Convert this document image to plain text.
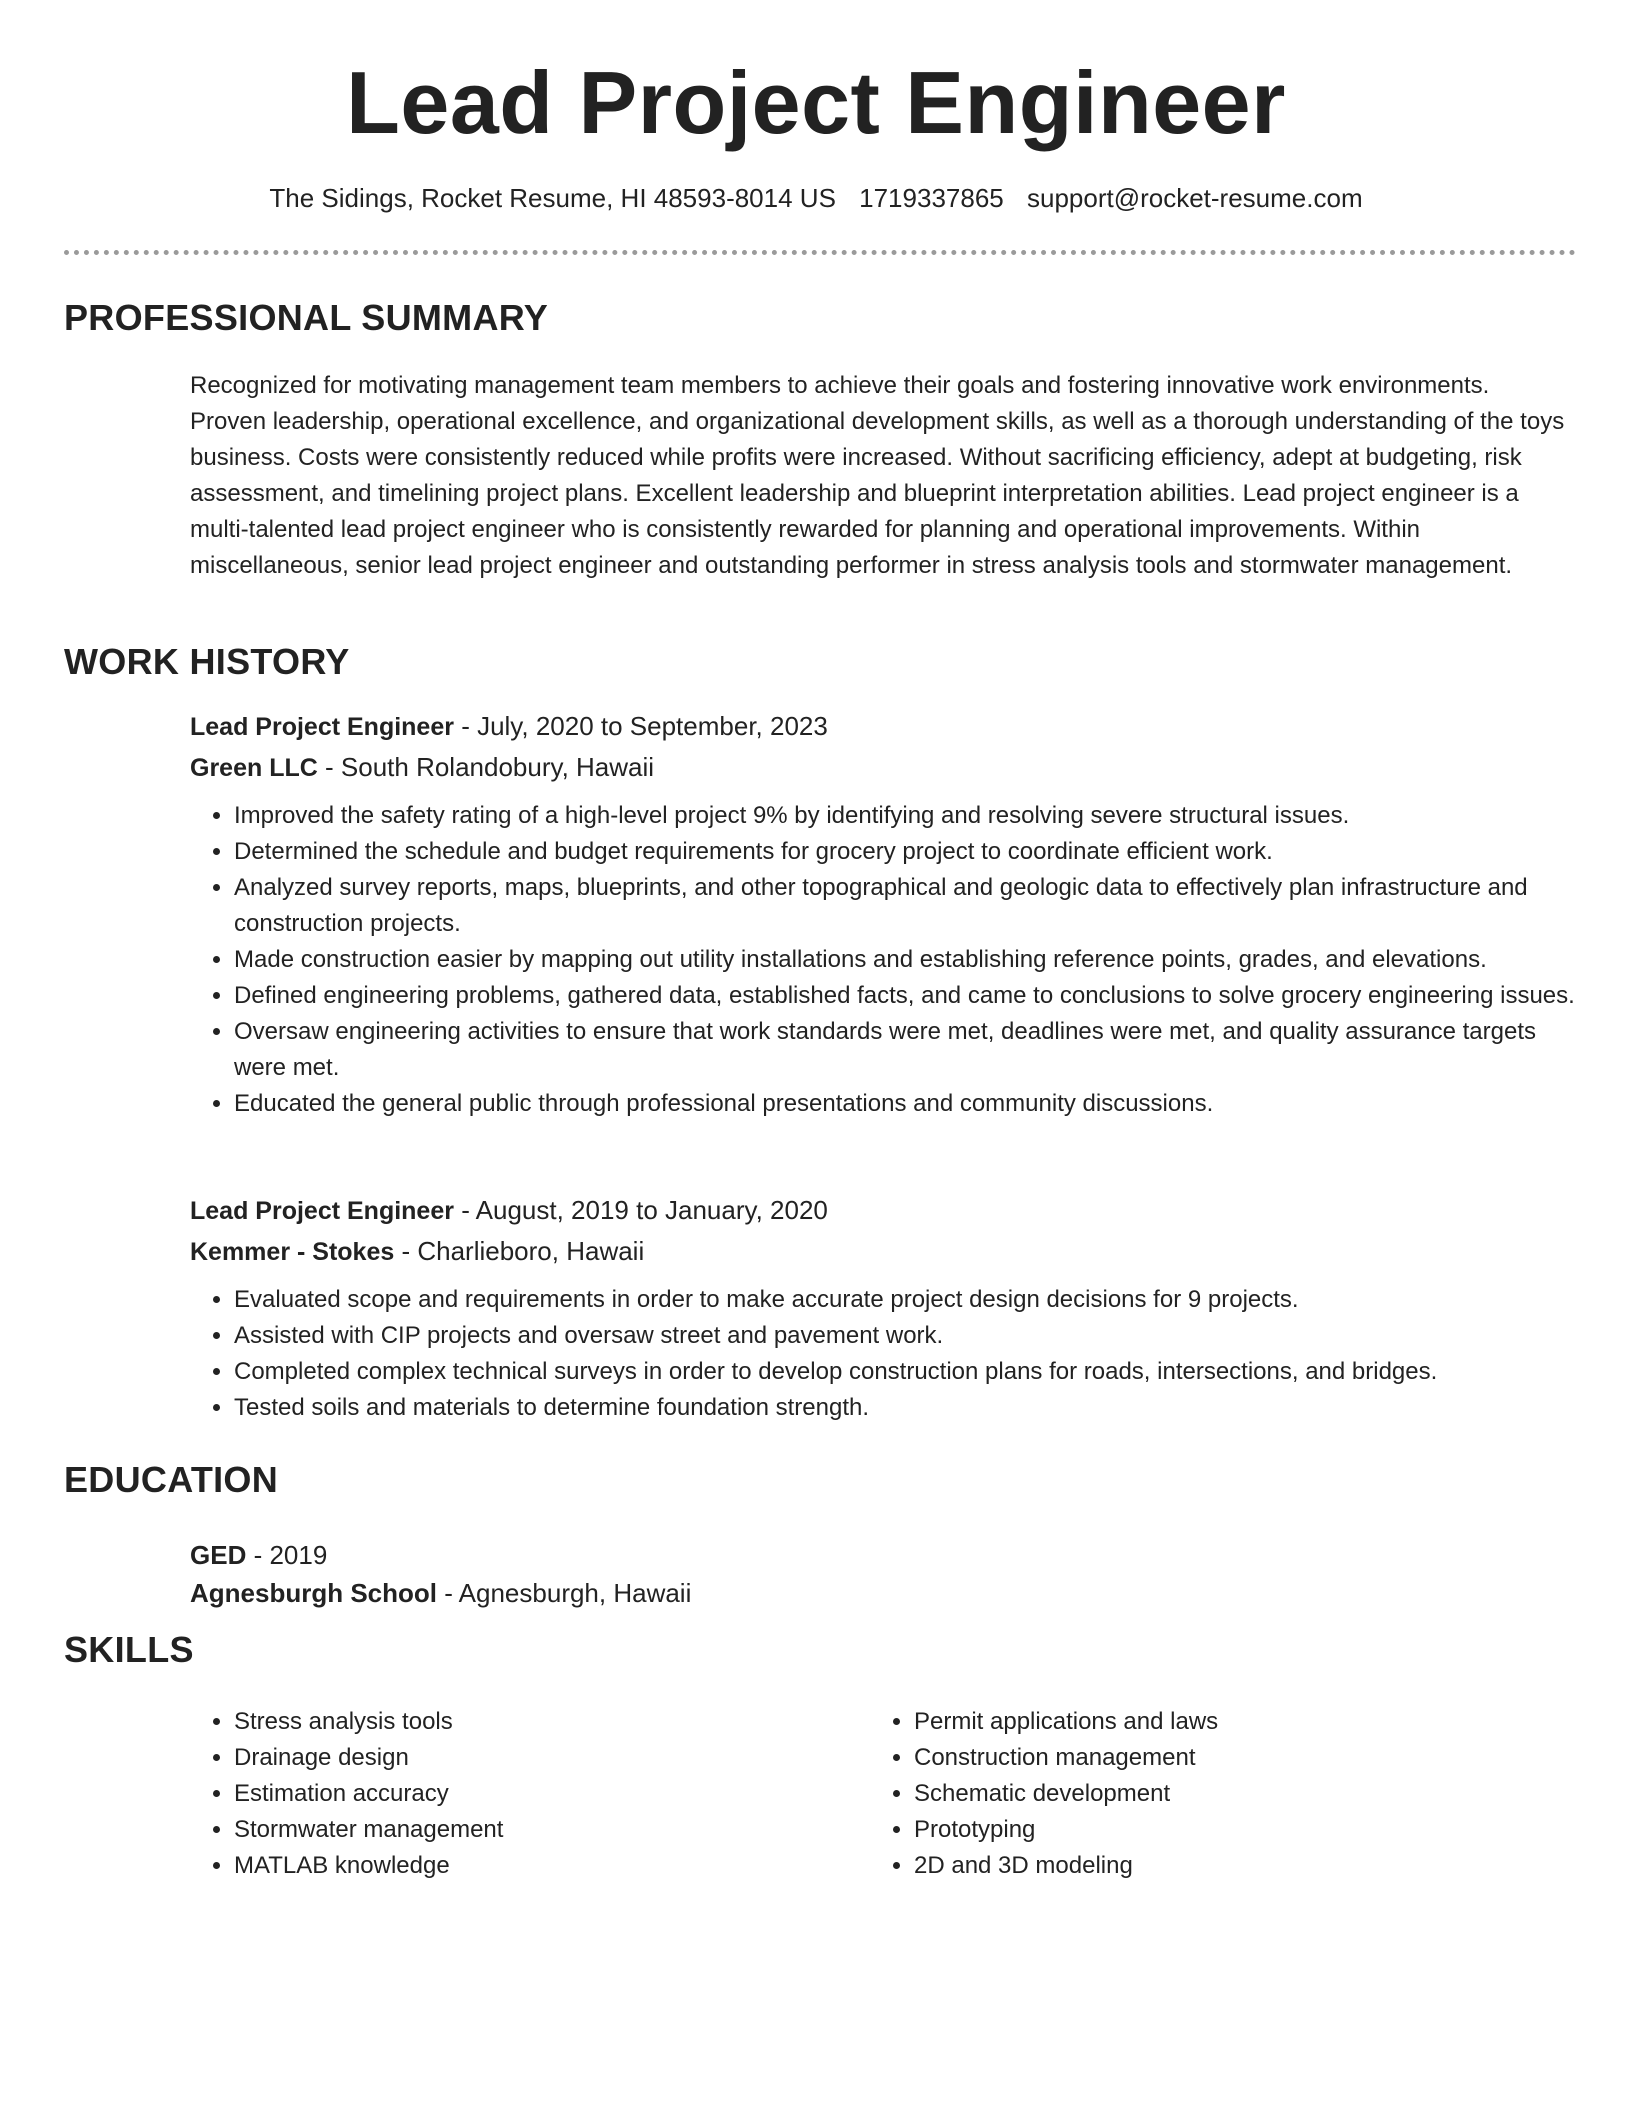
Lead Project Engineer
The Sidings, Rocket Resume, HI 48593-8014 US 1719337865 support@rocket-resume.com
PROFESSIONAL SUMMARY

Recognized for motivating management team members to achieve their goals and fostering innovative work environments. Proven leadership, operational excellence, and organizational development skills, as well as a thorough understanding of the toys business. Costs were consistently reduced while profits were increased. Without sacrificing efficiency, adept at budgeting, risk assessment, and timelining project plans. Excellent leadership and blueprint interpretation abilities. Lead project engineer is a multi-talented lead project engineer who is consistently rewarded for planning and operational improvements. Within miscellaneous, senior lead project engineer and outstanding performer in stress analysis tools and stormwater management.

WORK HISTORY
Lead Project Engineer - July, 2020 to September, 2023
Green LLC - South Rolandobury, Hawaii
• Improved the safety rating of a high-level project 9% by identifying and resolving severe structural issues.
• Determined the schedule and budget requirements for grocery project to coordinate efficient work.
• Analyzed survey reports, maps, blueprints, and other topographical and geologic data to effectively plan infrastructure and construction projects.
• Made construction easier by mapping out utility installations and establishing reference points, grades, and elevations.
• Defined engineering problems, gathered data, established facts, and came to conclusions to solve grocery engineering issues.
• Oversaw engineering activities to ensure that work standards were met, deadlines were met, and quality assurance targets were met.
• Educated the general public through professional presentations and community discussions.
Lead Project Engineer - August, 2019 to January, 2020
Kemmer - Stokes - Charlieboro, Hawaii
• Evaluated scope and requirements in order to make accurate project design decisions for 9 projects.
• Assisted with CIP projects and oversaw street and pavement work.
• Completed complex technical surveys in order to develop construction plans for roads, intersections, and bridges.
• Tested soils and materials to determine foundation strength.
EDUCATION
GED - 2019
Agnesburgh School - Agnesburgh, Hawaii
SKILLS
• Stress analysis tools
• Drainage design
• Estimation accuracy
• Stormwater management
• MATLAB knowledge
• Permit applications and laws
• Construction management
• Schematic development
• Prototyping
• 2D and 3D modeling
